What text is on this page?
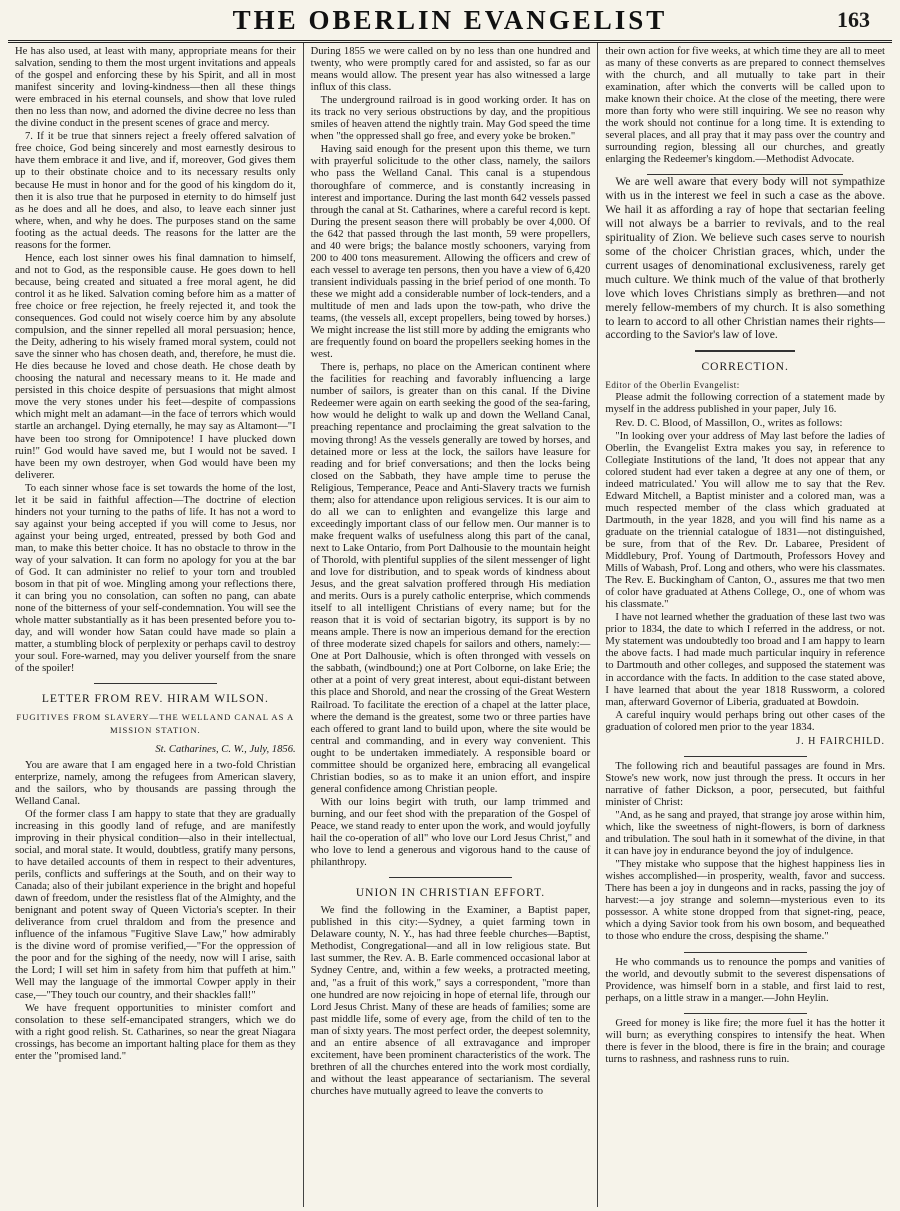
THE OBERLIN EVANGELIST	163

He has also used, at least with many, appropriate means for their salvation, sending to them the most urgent invitations and appeals of the gospel and enforcing these by his Spirit, and all in most manifest sincerity and loving-kindness—then all these things were embraced in his eternal counsels, and show that love ruled then no less than now, and adorned the divine decree no less than the divine conduct in the present scenes of grace and mercy.

7. If it be true that sinners reject a freely offered salvation of free choice, God being sincerely and most earnestly desirous to have them embrace it and live, and if, moreover, God gives them up to their obstinate choice and to its necessary results only because He must in honor and for the good of his kingdom do it, then it is also true that he purposed in eternity to do himself just as he does and all he does, and also, to leave each sinner just where, when, and why he does. The purposes stand on the same footing as the actual deeds. The reasons for the latter are the reasons for the former.

Hence, each lost sinner owes his final damnation to himself, and not to God, as the responsible cause. He goes down to hell because, being created and situated a free moral agent, he did control it as he liked. Salvation coming before him as a matter of free choice or free rejection, he freely rejected it, and took the consequences. God could not wisely coerce him by any absolute compulsion, and the sinner repelled all moral persuasion; hence, the Deity, adhering to his wisely framed moral system, could not save the sinner who has chosen death, and, therefore, he must die. He dies because he loved and chose death. He chose death by choosing the natural and necessary means to it. He made and persisted in this choice despite of persuasions that might almost move the very stones under his feet—despite of compassions which might melt an adamant—in the face of terrors which would startle an archangel. Dying eternally, he may say as Altamont—"I have been too strong for Omnipotence! I have plucked down ruin!" God would have saved me, but I would not be saved. I have been my own destroyer, when God would have been my deliverer.

To each sinner whose face is set towards the home of the lost, let it be said in faithful affection—The doctrine of election hinders not your turning to the paths of life. It has not a word to say against your being accepted if you will come to Jesus, nor against your being urged, entreated, pressed by both God and man, to make this better choice. It has no obstacle to throw in the way of your salvation. It can form no apology for you at the bar of God. It can administer no relief to your torn and troubled bosom in that pit of woe. Mingling among your reflections there, it can bring you no consolation, can soften no pang, can abate none of the bitterness of your self-condemnation. You will see the whole matter substantially as it has been presented before you to-day, and will wonder how Satan could have made so plain a matter, a stumbling block of perplexity or perhaps cavil to destroy your soul. Fore-warned, may you deliver yourself from the snare of the spoiler!

LETTER FROM REV. HIRAM WILSON.
FUGITIVES FROM SLAVERY—THE WELLAND CANAL AS A MISSION STATION.
St. Catharines, C. W., July, 1856.

You are aware that I am engaged here in a two-fold Christian enterprize, namely, among the refugees from American slavery, and the sailors, who by thousands are passing through the Welland Canal.

Of the former class I am happy to state that they are gradually increasing in this goodly land of refuge, and are manifestly improving in their physical condition—also in their intellectual, social, and moral state. It would, doubtless, gratify many persons, to have detailed accounts of them in respect to their adventures, perils, conflicts and sufferings at the South, and on their way to Canada; also of their jubilant experience in the bright and hopeful dawn of freedom, under the resistless flat of the Almighty, and the benignant and potent sway of Queen Victoria's scepter. In their deliverance from cruel thraldom and from the presence and influence of the infamous "Fugitive Slave Law," how admirably is the divine word of promise verified,—"For the oppression of the poor and for the sighing of the needy, now will I arise, saith the Lord; I will set him in safety from him that puffeth at him." Well may the language of the immortal Cowper apply in their case,—"They touch our country, and their shackles fall!"

We have frequent opportunities to minister comfort and consolation to these self-emancipated strangers, which we do with a right good relish. St. Catharines, so near the great Niagara crossings, has become an important halting place for them as they enter the "promised land."

During 1855 we were called on by no less than one hundred and twenty, who were promptly cared for and assisted, so far as our means would allow. The present year has also witnessed a large influx of this class.

The underground railroad is in good working order. It has on its track no very serious obstructions by day, and the propitious smiles of heaven attend the nightly train. May God speed the time when "the oppressed shall go free, and every yoke be broken."

Having said enough for the present upon this theme, we turn with prayerful solicitude to the other class, namely, the sailors who pass the Welland Canal. This canal is a stupendous thoroughfare of commerce, and is constantly increasing in interest and importance. During the last month 642 vessels passed through the canal at St. Catharines, where a careful record is kept. During the present season there will probably be over 4,000. Of the 642 that passed through the last month, 59 were propellers, and 40 were brigs; the balance mostly schooners, varying from 200 to 400 tons measurement. Allowing the officers and crew of each vessel to average ten persons, then you have a view of 6,420 transient individuals passing in the brief period of one month. To these we might add a considerable number of lock-tenders, and a multitude of men and lads upon the tow-path, who drive the teams, (the vessels all, except propellers, being towed by horses.) We might increase the list still more by adding the emigrants who are frequently found on board the propellers seeking homes in the west.

There is, perhaps, no place on the American continent where the facilities for reaching and favorably influencing a large number of sailors, is greater than on this canal. If the Divine Redeemer were again on earth seeking the good of the sea-faring, how would he delight to walk up and down the Welland Canal, preaching repentance and proclaiming the great salvation to the moving throng! As the vessels generally are towed by horses, and detained more or less at the lock, the sailors have leasure for reading and for brief conversations; and then the locks being closed on the Sabbath, they have ample time to peruse the Religious, Temperance, Peace and Anti-Slavery tracts we furnish them; also for attendance upon religious services. It is our aim to do all we can to enlighten and evangelize this large and exceedingly important class of our fellow men. Our manner is to make frequent walks of usefulness along this part of the canal, next to Lake Ontario, from Port Dalhousie to the mountain height of Thorold, with plentiful supplies of the silent messenger of light and love for distribution, and to speak words of kindness about Jesus, and the great salvation proffered through His mediation and merits. Ours is a purely catholic enterprise, which commends itself to all intelligent Christians of every name; but for the reason that it is void of sectarian bigotry, its support is by no means ample. There is now an imperious demand for the erection of three moderate sized chapels for sailors and others, namely:—One at Port Dalhousie, which is often thronged with vessels on the sabbath, (windbound;) one at Port Colborne, on lake Erie; the other at a point of very great interest, about equi-distant between this place and Shorold, and near the crossing of the Great Western Railroad. To facilitate the erection of a chapel at the latter place, where the demand is the greatest, some two or three parties have each offered to grant land to build upon, where the site would be central and commanding, and in every way convenient. This ought to be undertaken immediately. A responsible board or committee should be organized here, embracing all evangelical Christian bodies, so as to make it an union effort, and inspire general confidence among Christian people.

With our loins begirt with truth, our lamp trimmed and burning, and our feet shod with the preparation of the Gospel of Peace, we stand ready to enter upon the work, and would joyfully hail the co-operation of all" who love our Lord Jesus Christ," and who love to lend a generous and vigorous hand to the cause of philanthropy.

UNION IN CHRISTIAN EFFORT.

We find the following in the Examiner, a Baptist paper, published in this city:—Sydney, a quiet farming town in Delaware county, N. Y., has had three feeble churches—Baptist, Methodist, Congregational—and all in low religious state. But last summer, the Rev. A. B. Earle commenced occasional labor at Sydney Centre, and, within a few weeks, a protracted meeting, and, "as a fruit of this work," says a correspondent, "more than one hundred are now rejoicing in hope of eternal life, through our Lord Jesus Christ. Many of these are heads of families; some are past middle life, some of every age, from the child of ten to the man of sixty years. The most perfect order, the deepest solemnity, and an entire absence of all extravagance and improper excitement, have been prominent characteristics of the work. The brethren of all the churches entered into the work most cordially, and without the least appearance of sectarianism. The several churches have mutually agreed to leave the converts to

their own action for five weeks, at which time they are all to meet as many of these converts as are prepared to connect themselves with the church, and all mutually to take part in their examination, after which the converts will be called upon to make known their choice. At the close of the meeting, there were more than forty who were still inquiring. We see no reason why the work should not continue for a long time. It is extending to several places, and all pray that it may pass over the country and surrounding region, blessing all our churches, and greatly enlarging the Redeemer's kingdom.—Methodist Advocate.

We are well aware that every body will not sympathize with us in the interest we feel in such a case as the above. We hail it as affording a ray of hope that sectarian feeling will not always be a barrier to revivals, and to the real spirituality of Zion. We believe such cases serve to nourish some of the choicer Christian graces, which, under the current usages of denominational exclusiveness, rarely get much culture. We think much of the value of that brotherly love which loves Christians simply as brethren—and not merely fellow-members of my church. It is also something to learn to accord to all other Christian names their rights—according to the Savior's law of love.

CORRECTION.

Editor of the Oberlin Evangelist:

Please admit the following correction of a statement made by myself in the address published in your paper, July 16.

Rev. D. C. Blood, of Massillon, O., writes as follows:

"In looking over your address of May last before the ladies of Oberlin, the Evangelist Extra makes you say, in reference to Collegiate Institutions of the land, 'It does not appear that any colored student had ever taken a degree at any one of them, or indeed matriculated.' You will allow me to say that the Rev. Edward Mitchell, a Baptist minister and a colored man, was a much respected member of the class which graduated at Dartmouth, in the year 1828, and you will find his name as a graduate on the triennial catalogue of 1831—not distinguished, be sure, from that of the Rev. Dr. Labaree, President of Middlebury, Prof. Young of Dartmouth, Professors Hovey and Mills of Wabash, Prof. Long and others, who were his classmates. The Rev. E. Buckingham of Canton, O., assures me that two men of color have graduated at Athens College, O., one of whom was his classmate."

I have not learned whether the graduation of these last two was prior to 1834, the date to which I referred in the address, or not. My statement was undoubtedly too broad and I am happy to learn the above facts. I had made much particular inquiry in reference to Dartmouth and other colleges, and supposed the statement was in accordance with the facts. In addition to the case stated above, I have learned that about the year 1818 Russworm, a colored man, afterward Governor of Liberia, graduated at Bowdoin.

A careful inquiry would perhaps bring out other cases of the graduation of colored men prior to the year 1834.

J. H FAIRCHILD.

The following rich and beautiful passages are found in Mrs. Stowe's new work, now just through the press. It occurs in her narrative of father Dickson, a poor, persecuted, but faithful minister of Christ:

"And, as he sang and prayed, that strange joy arose within him, which, like the sweetness of night-flowers, is born of darkness and tribulation. The soul hath in it somewhat of the divine, in that it can have joy in endurance beyond the joy of indulgence.

"They mistake who suppose that the highest happiness lies in wishes accomplished—in prosperity, wealth, favor and success. There has been a joy in dungeons and in racks, passing the joy of harvest:—a joy strange and solemn—mysterious even to its possessor. A white stone dropped from that signet-ring, peace, which a dying Savior took from his own bosom, and bequeathed to those who endure the cross, despising the shame."

He who commands us to renounce the pomps and vanities of the world, and devoutly submit to the severest dispensations of Providence, was himself born in a stable, and first laid to rest, perhaps, on a little straw in a manger.—John Heylin.

Greed for money is like fire; the more fuel it has the hotter it will burn; as everything conspires to intensify the heat. When there is fever in the blood, there is fire in the brain; and courage turns to rashness, and rashness runs to ruin.
